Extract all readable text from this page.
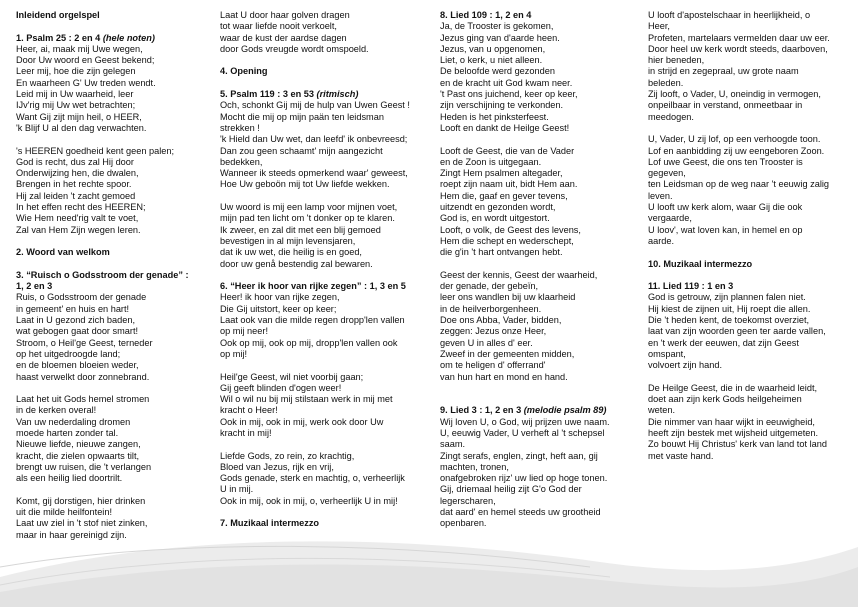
Inleidend orgelspel
1. Psalm 25 : 2 en 4 (hele noten)
Heer, ai, maak mij Uwe wegen,
Door Uw woord en Geest bekend;
Leer mij, hoe die zijn gelegen
En waarheen G' Uw treden wendt.
Leid mij in Uw waarheid, leer
IJv'rig mij Uw wet betrachten;
Want Gij zijt mijn heil, o HEER,
'k Blijf U al den dag verwachten.
's HEEREN goedheid kent geen palen;
God is recht, dus zal Hij door
Onderwijzing hen, die dwalen,
Brengen in het rechte spoor.
Hij zal leiden 't zacht gemoed
In het effen recht des HEEREN;
Wie Hem need'rig valt te voet,
Zal van Hem Zijn wegen leren.
2. Woord van welkom
3. “Ruisch o Godsstroom der genade” :
1, 2 en 3
Ruis, o Godsstroom der genade
in gemeent' en huis en hart!
Laat in U gezond zich baden,
wat gebogen gaat door smart!
Stroom, o Heil'ge Geest, terneder
op het uitgedroogde land;
en de bloemen bloeien weder,
haast verwelkt door zonnebrand.
Laat het uit Gods hemel stromen
in de kerken overal!
Van uw nederdaling dromen
moede harten zonder tal.
Nieuwe liefde, nieuwe zangen,
kracht, die zielen opwaarts tilt,
brengt uw ruisen, die 't verlangen
als een heilig lied doortrilt.
Komt, gij dorstigen, hier drinken
uit die milde heilfontein!
Laat uw ziel in 't stof niet zinken,
maar in haar gereinigd zijn.
Laat U door haar golven dragen
tot waar liefde nooit verkoelt,
waar de kust der aardse dagen
door Gods vreugde wordt omspoeld.
4. Opening
5. Psalm 119 : 3 en 53 (ritmisch)
Och, schonkt Gij mij de hulp van Uwen Geest !
Mocht die mij op mijn paän ten leidsman
strekken !
'k Hield dan Uw wet, dan leefd' ik onbevreesd;
Dan zou geen schaamt' mijn aangezicht
bedekken,
Wanneer ik steeds opmerkend waar' geweest,
Hoe Uw geboön mij tot Uw liefde wekken.
Uw woord is mij een lamp voor mijnen voet,
mijn pad ten licht om 't donker op te klaren.
Ik zweer, en zal dit met een blij gemoed
bevestigen in al mijn levensjaren,
dat ik uw wet, die heilig is en goed,
door uw genå bestendig zal bewaren.
6. “Heer ik hoor van rijke zegen” : 1, 3 en 5
Heer! ik hoor van rijke zegen,
Die Gij uitstort, keer op keer;
Laat ook van die milde regen dropp'len vallen
op mij neer!
Ook op mij, ook op mij, dropp'len vallen ook
op mij!
Heil'ge Geest, wil niet voorbij gaan;
Gij geeft blinden d'ogen weer!
Wil o wil nu bij mij stilstaan werk in mij met
kracht o Heer!
Ook in mij, ook in mij, werk ook door Uw
kracht in mij!
Liefde Gods, zo rein, zo krachtig,
Bloed van Jezus, rijk en vrij,
Gods genade, sterk en machtig, o, verheerlijk
U in mij.
Ook in mij, ook in mij, o, verheerlijk U in mij!
7. Muzikaal intermezzo
8. Lied 109 : 1, 2 en 4
Ja, de Trooster is gekomen,
Jezus ging van d'aarde heen.
Jezus, van u opgenomen,
Liet, o kerk, u niet alleen.
De beloofde werd gezonden
en de kracht uit God kwam neer.
't Past ons juichend, keer op keer,
zijn verschijning te verkonden.
Heden is het pinksterfeest.
Looft en dankt de Heilge Geest!
Looft de Geest, die van de Vader
en de Zoon is uitgegaan.
Zingt Hem psalmen altegader,
roept zijn naam uit, bidt Hem aan.
Hem die, gaaf en gever tevens,
uitzendt en gezonden wordt,
God is, en wordt uitgestort.
Looft, o volk, de Geest des levens,
Hem die schept en wederschept,
die g'in 't hart ontvangen hebt.
Geest der kennis, Geest der waarheid,
der genade, der gebeïn,
leer ons wandlen bij uw klaarheid
in de heilverborgenheen.
Doe ons Abba, Vader, bidden,
zeggen: Jezus onze Heer,
geven U in alles d' eer.
Zweef in der gemeenten midden,
om te heligen d' offerrand'
van hun hart en mond en hand.
9. Lied 3 : 1, 2 en 3 (melodie psalm 89)
Wij loven U, o God, wij prijzen uwe naam.
U, eeuwig Vader, U verheft al 't schepsel
saam.
Zingt serafs, englen, zingt, heft aan, gij
machten, tronen,
onafgebroken rijz' uw lied op hoge tonen.
Gij, driemaal heilig zijt G'o God der
legerscharen,
dat aard' en hemel steeds uw grootheid
openbaren.
U looft d'apostelschaar in heerlijkheid, o
Heer,
Profeten, martelaars vermelden daar uw eer.
Door heel uw kerk wordt steeds, daarboven,
hier beneden,
in strijd en zegepraal, uw grote naam
beleden.
Zij looft, o Vader, U, oneindig in vermogen,
onpeilbaar in verstand, onmeetbaar in
meedogen.
U, Vader, U zij lof, op een verhoogde toon.
Lof en aanbidding zij uw eengeboren Zoon.
Lof uwe Geest, die ons ten Trooster is
gegeven,
ten Leidsman op de weg naar 't eeuwig zalig
leven.
U looft uw kerk alom, waar Gij die ook
vergaarde,
U loov', wat loven kan, in hemel en op
aarde.
10. Muzikaal intermezzo
11. Lied 119 : 1 en 3
God is getrouw, zijn plannen falen niet.
Hij kiest de zijnen uit, Hij roept die allen.
Die 't heden kent, de toekomst overziet,
laat van zijn woorden geen ter aarde vallen,
en 't werk der eeuwen, dat zijn Geest
omspant,
volvoert zijn hand.
De Heilge Geest, die in de waarheid leidt,
doet aan zijn kerk Gods heilgeheimen
weten.
Die nimmer van haar wijkt in eeuwigheid,
heeft zijn bestek met wijsheid uitgemeten.
Zo bouwt Hij Christus' kerk van land tot land
met vaste hand.
